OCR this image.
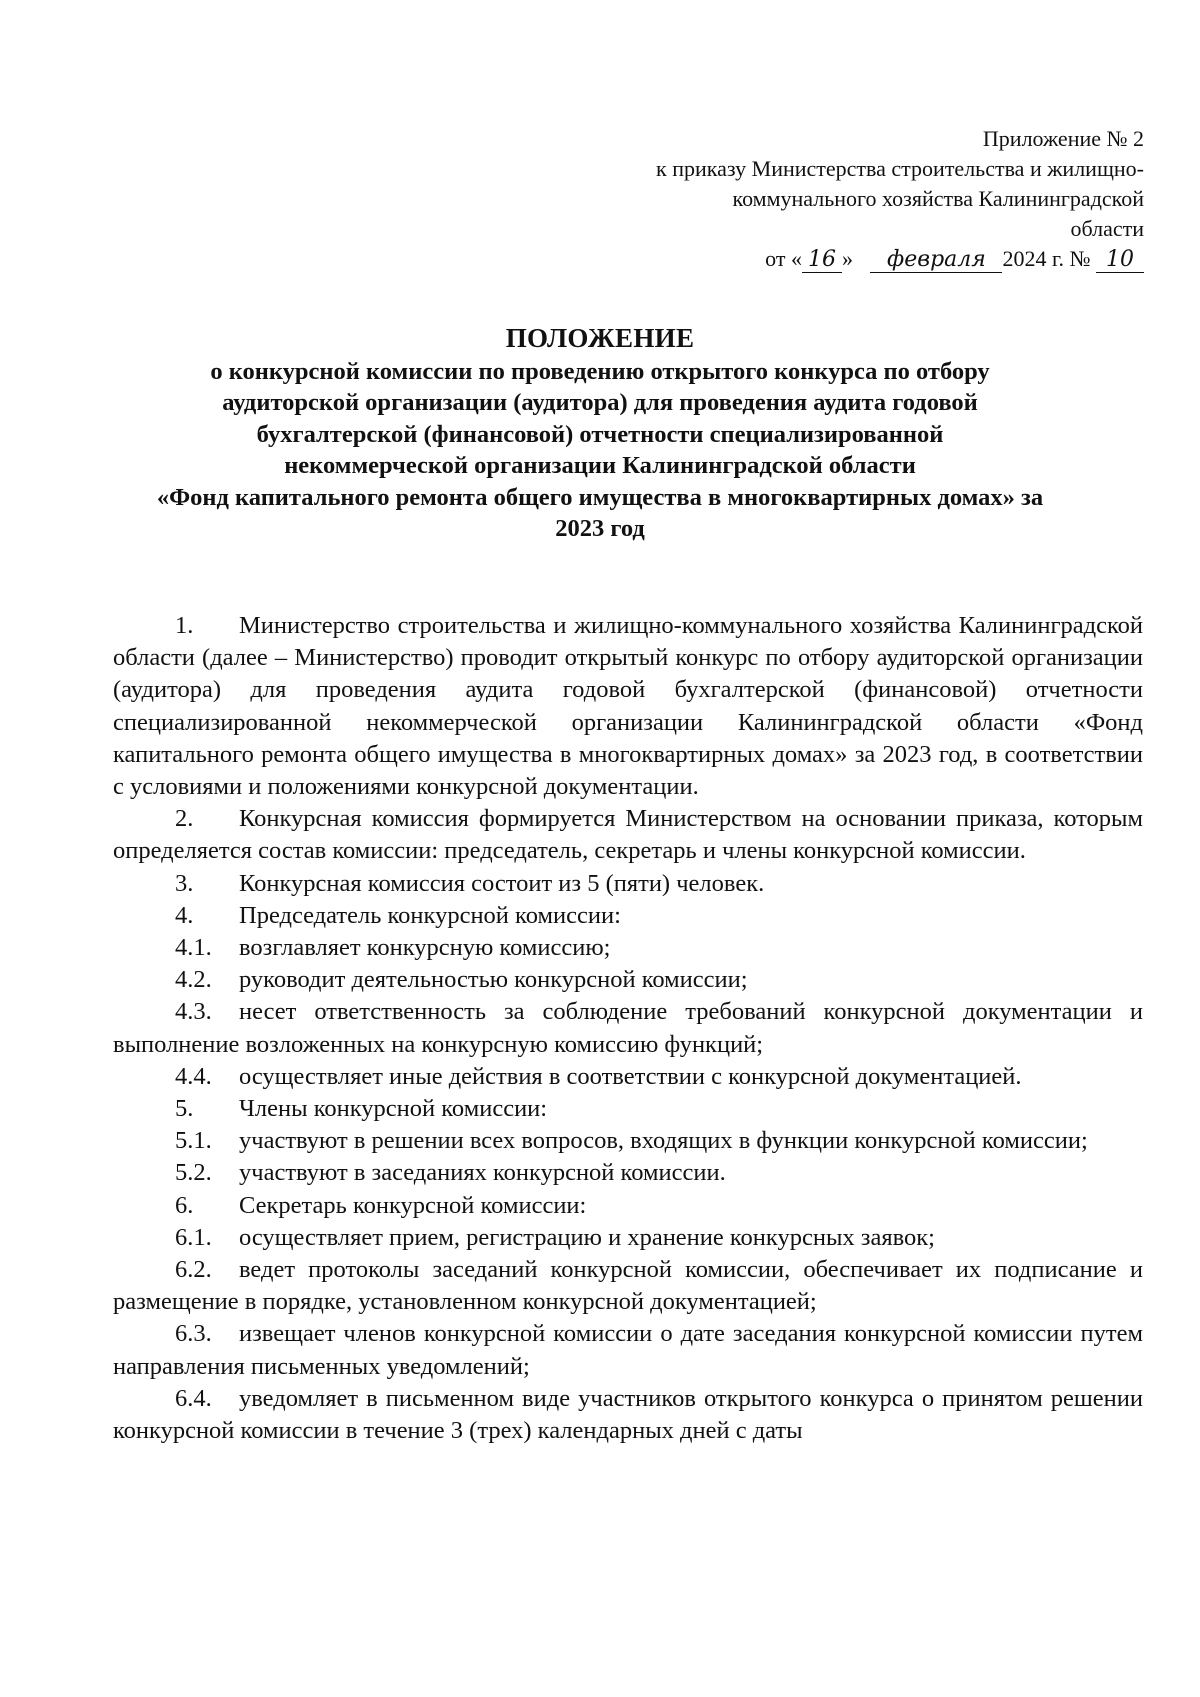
Приложение № 2
к приказу Министерства строительства и жилищно-
коммунального хозяйства Калининградской
области
от « 16 » февраля 2024 г. № 10
ПОЛОЖЕНИЕ
о конкурсной комиссии по проведению открытого конкурса по отбору
аудиторской организации (аудитора) для проведения аудита годовой
бухгалтерской (финансовой) отчетности специализированной
некоммерческой организации Калининградской области
«Фонд капитального ремонта общего имущества в многоквартирных домах» за
2023 год

1. Министерство строительства и жилищно-коммунального хозяйства Калининградской области (далее – Министерство) проводит открытый конкурс по отбору аудиторской организации (аудитора) для проведения аудита годовой бухгалтерской (финансовой) отчетности специализированной некоммерческой организации Калининградской области «Фонд капитального ремонта общего имущества в многоквартирных домах» за 2023 год, в соответствии с условиями и положениями конкурсной документации.

2. Конкурсная комиссия формируется Министерством на основании приказа, которым определяется состав комиссии: председатель, секретарь и члены конкурсной комиссии.

3. Конкурсная комиссия состоит из 5 (пяти) человек.

4. Председатель конкурсной комиссии:

4.1. возглавляет конкурсную комиссию;

4.2. руководит деятельностью конкурсной комиссии;

4.3. несет ответственность за соблюдение требований конкурсной документации и выполнение возложенных на конкурсную комиссию функций;

4.4. осуществляет иные действия в соответствии с конкурсной документацией.

5. Члены конкурсной комиссии:

5.1. участвуют в решении всех вопросов, входящих в функции конкурсной комиссии;

5.2. участвуют в заседаниях конкурсной комиссии.

6. Секретарь конкурсной комиссии:

6.1. осуществляет прием, регистрацию и хранение конкурсных заявок;

6.2. ведет протоколы заседаний конкурсной комиссии, обеспечивает их подписание и размещение в порядке, установленном конкурсной документацией;

6.3. извещает членов конкурсной комиссии о дате заседания конкурсной комиссии путем направления письменных уведомлений;

6.4. уведомляет в письменном виде участников открытого конкурса о принятом решении конкурсной комиссии в течение 3 (трех) календарных дней с даты
